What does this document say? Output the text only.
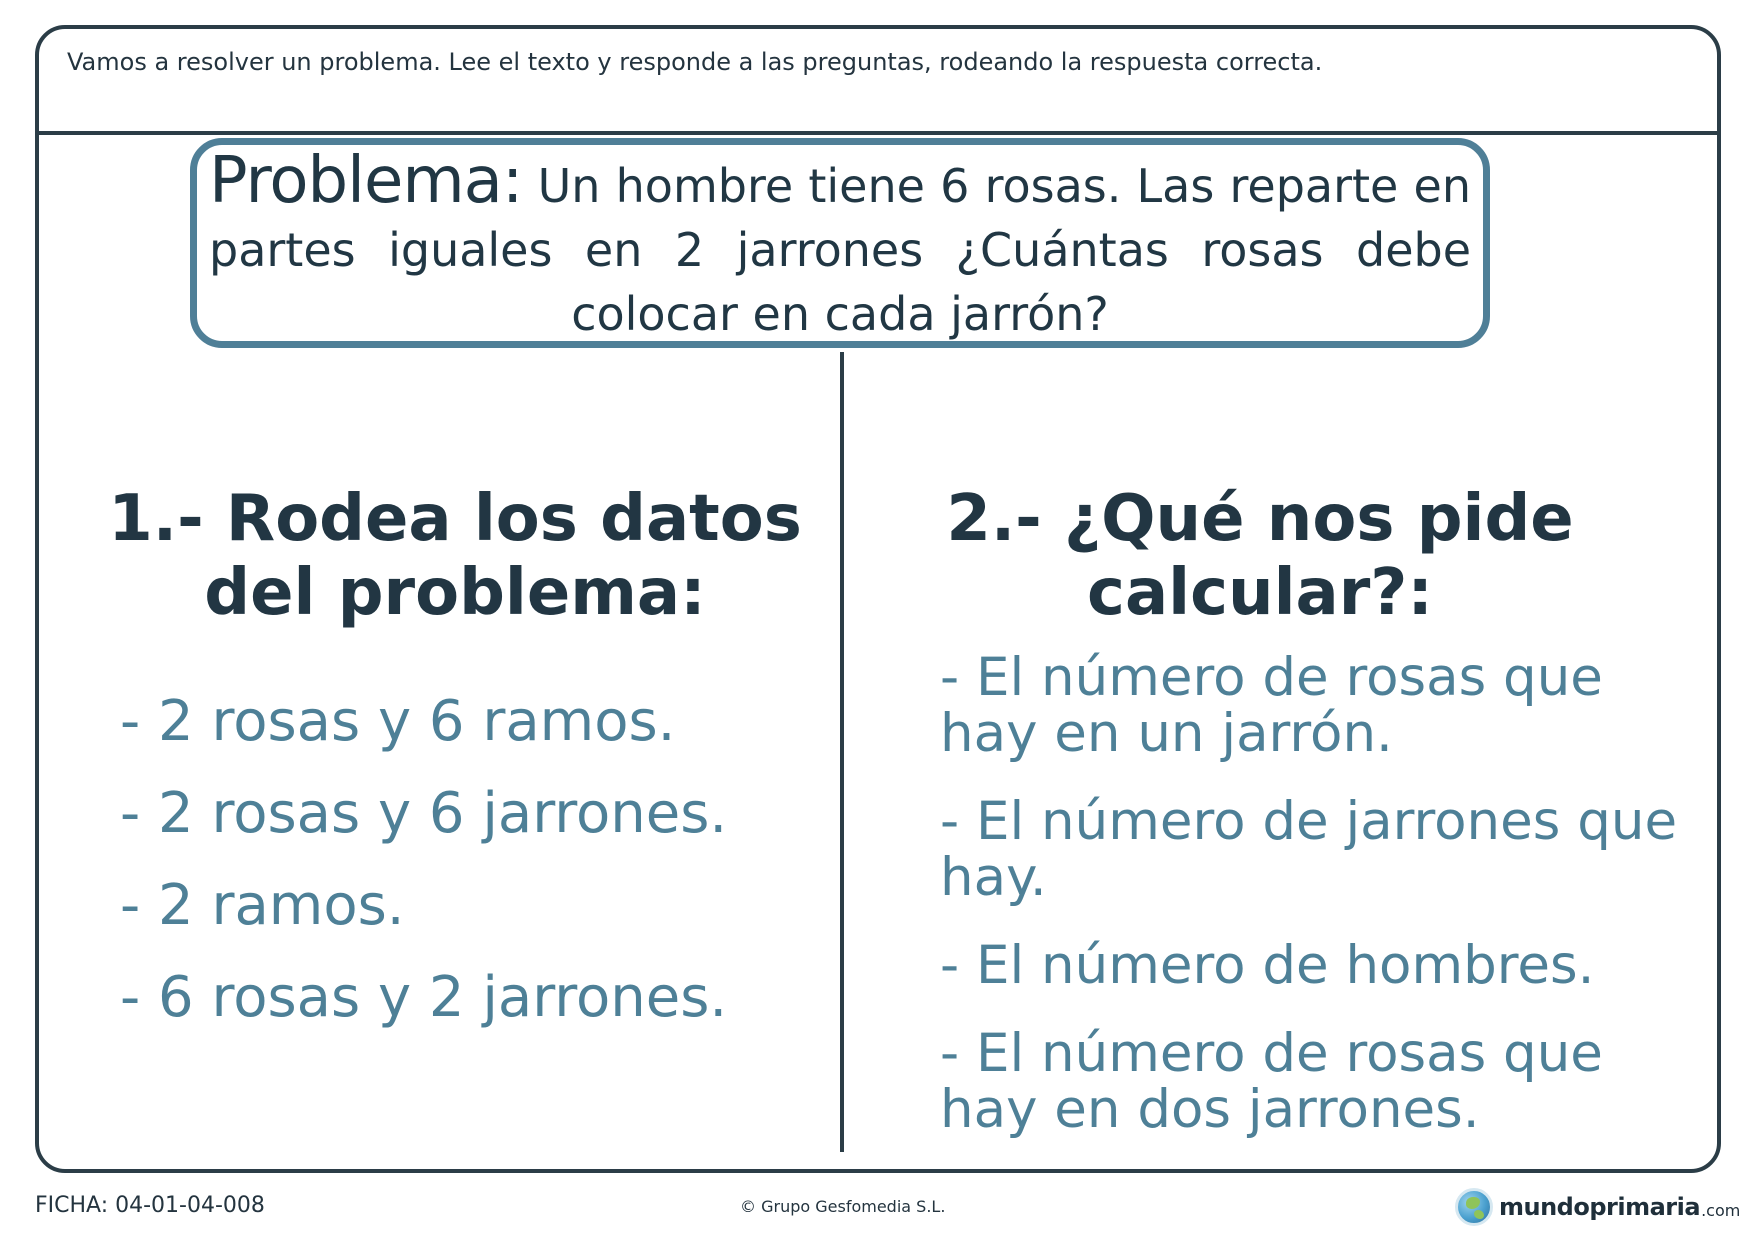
Vamos a resolver un problema. Lee el texto y responde a las preguntas, rodeando la respuesta correcta.

Problema: Un hombre tiene 6 rosas. Las reparte en partes iguales en 2 jarrones ¿Cuántas rosas debe colocar en cada jarrón?
1.- Rodea los datos
del problema:
2.- ¿Qué nos pide
calcular?:
- 2 rosas y 6 ramos.
- 2 rosas y 6 jarrones.
- 2 ramos.
- 6 rosas y 2 jarrones.
- El número de rosas que hay en un jarrón.
- El número de jarrones que hay.
- El número de hombres.
- El número de rosas que hay en dos jarrones.
FICHA: 04-01-04-008	© Grupo Gesfomedia S.L.	mundoprimaria .com
